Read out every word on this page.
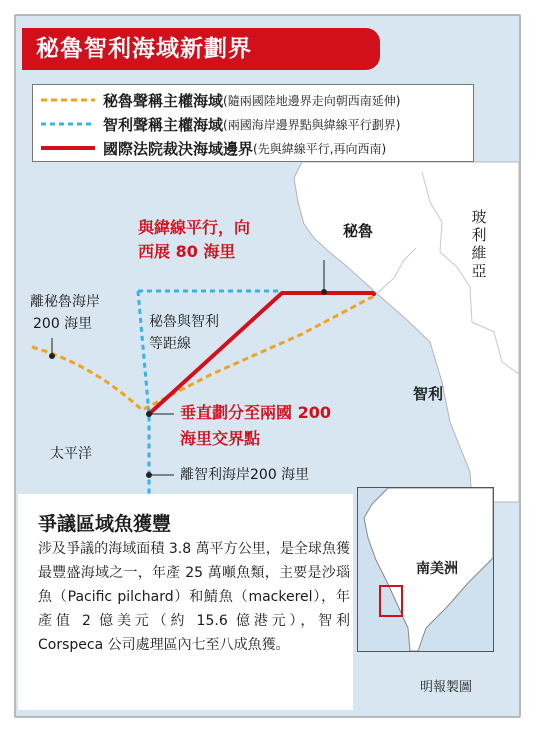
秘魯智利海域新劃界
秘魯聲稱主權海域 (隨兩國陸地邊界走向朝西南延伸)
智利聲稱主權海域 (兩國海岸邊界點與緯線平行劃界)
國際法院裁決海域邊界 (先與緯線平行,再向西南)
與緯線平行，向
西展 80 海里
秘魯
玻利維亞
智利
離秘魯海岸
200 海里	秘魯與智利
等距線
垂直劃分至兩國 200
海里交界點
太平洋
離智利海岸200 海里
爭議區域魚獲豐
涉及爭議的海域面積 3.8 萬平方公里，是全球魚獲最豐盛海域之一，年產 25 萬噸魚類，主要是沙瑙魚（Pacific pilchard）和鯖魚（mackerel），年產值 2 億美元（約 15.6 億港元），智利 Corspeca 公司處理區內七至八成魚獲。
明報製圖
南美洲
